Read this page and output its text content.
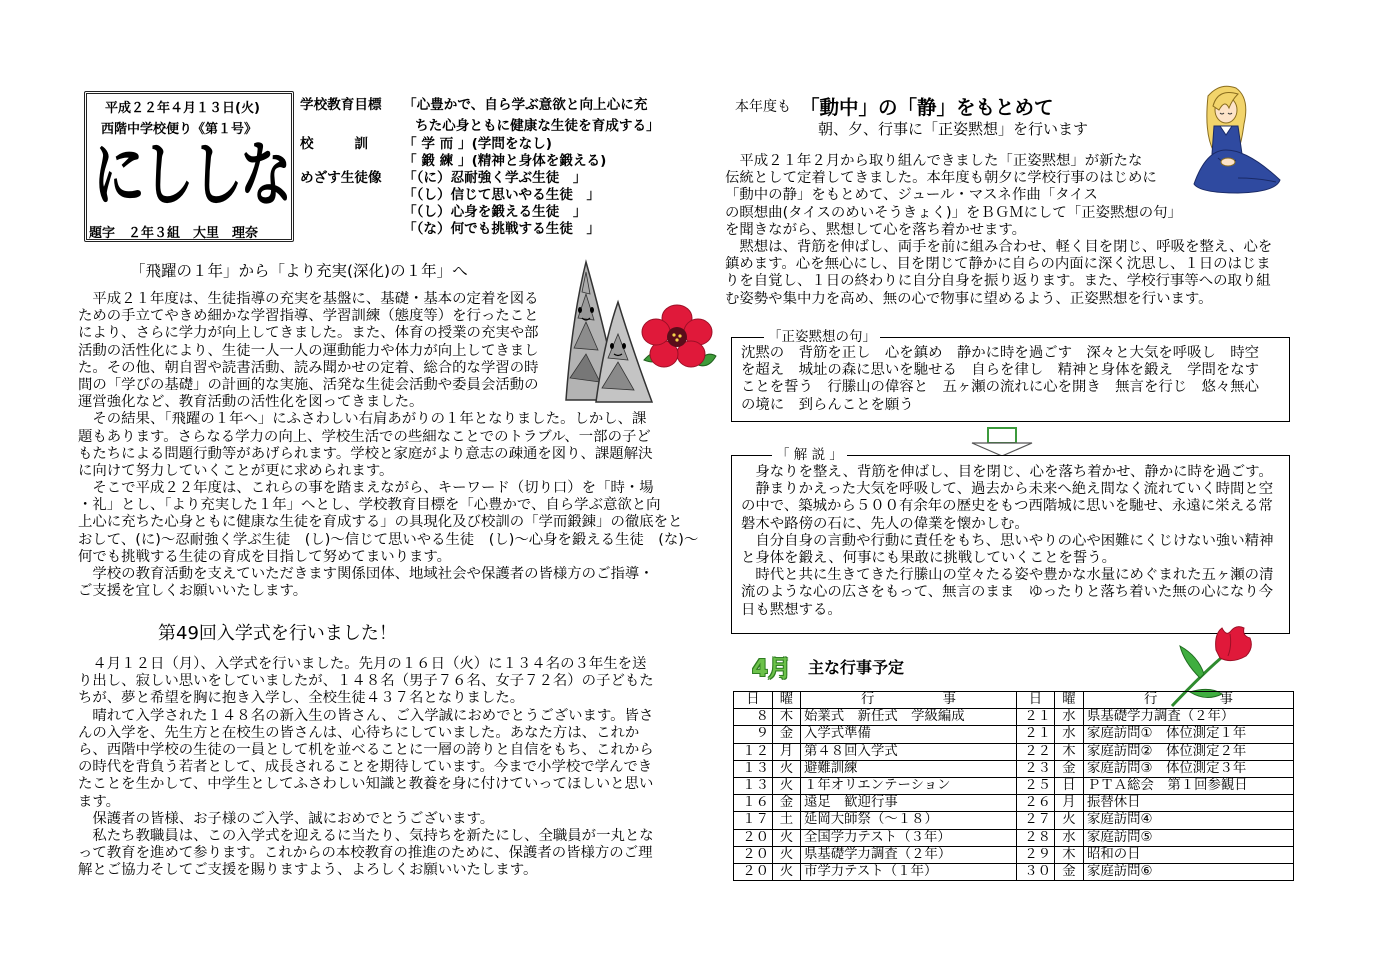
平成２２年４月１３日(火)
西階中学校便り《第１号》
にししな
題字　２年３組　大里　理奈
学校教育目標 「心豊かで、自ら学ぶ意欲と向上心に充
ちた心身ともに健康な生徒を育成する」
校　　　訓	「 学 而 」(学問をなし)
「 鍛 練 」(精神と身体を鍛える)
めざす生徒像 「（に）忍耐強く学ぶ生徒　」
「（し）信じて思いやる生徒　」
「（し）心身を鍛える生徒　」
「（な）何でも挑戦する生徒　」
「飛躍の１年」から「より充実(深化)の１年」へ
　平成２１年度は、生徒指導の充実を基盤に、基礎・基本の定着を図る
ための手立てやきめ細かな学習指導、学習訓練（態度等）を行ったこと
により、さらに学力が向上してきました。また、体育の授業の充実や部
活動の活性化により、生徒一人一人の運動能力や体力が向上してきまし
た。その他、朝自習や読書活動、読み聞かせの定着、総合的な学習の時
間の「学びの基礎」の計画的な実施、活発な生徒会活動や委員会活動の
運営強化など、教育活動の活性化を図ってきました。
　その結果、「飛躍の１年へ」にふさわしい右肩あがりの１年となりました。しかし、課
題もあります。さらなる学力の向上、学校生活での些細なことでのトラブル、一部の子ど
もたちによる問題行動等があげられます。学校と家庭がより意志の疎通を図り、課題解決
に向けて努力していくことが更に求められます。
　そこで平成２２年度は、これらの事を踏まえながら、キーワード（切り口）を「時・場
・礼」とし、「より充実した１年」へとし、学校教育目標を「心豊かで、自ら学ぶ意欲と向
上心に充ちた心身ともに健康な生徒を育成する」の具現化及び校訓の「学而鍛錬」の徹底をと
おして、(に)～忍耐強く学ぶ生徒　(し)～信じて思いやる生徒　(し)～心身を鍛える生徒　(な)～
何でも挑戦する生徒の育成を目指して努めてまいります。
　学校の教育活動を支えていただきます関係団体、地域社会や保護者の皆様方のご指導・
ご支援を宜しくお願いいたします。
第49回入学式を行いました！
　４月１２日（月）、入学式を行いました。先月の１６日（火）に１３４名の３年生を送
り出し、寂しい思いをしていましたが、１４８名（男子７６名、女子７２名）の子どもた
ちが、夢と希望を胸に抱き入学し、全校生徒４３７名となりました。
　晴れて入学された１４８名の新入生の皆さん、ご入学誠におめでとうございます。皆さ
んの入学を、先生方と在校生の皆さんは、心待ちにしていました。あなた方は、これか
ら、西階中学校の生徒の一員として机を並べることに一層の誇りと自信をもち、これから
の時代を背負う若者として、成長されることを期待しています。今まで小学校で学んでき
たことを生かして、中学生としてふさわしい知識と教養を身に付けていってほしいと思い
ます。
　保護者の皆様、お子様のご入学、誠におめでとうございます。
　私たち教職員は、この入学式を迎えるに当たり、気持ちを新たにし、全職員が一丸とな
って教育を進めて参ります。これからの本校教育の推進のために、保護者の皆様方のご理
解とご協力そしてご支援を賜りますよう、よろしくお願いいたします。
本年度も 「動中」の「静」をもとめて
朝、夕、行事に「正姿黙想」を行います
　平成２１年２月から取り組んできました「正姿黙想」が新たな
伝統として定着してきました。本年度も朝夕に学校行事のはじめに
「動中の静」をもとめて、ジュール・マスネ作曲「タイス
の瞑想曲(タイスのめいそうきょく)」をＢＧＭにして「正姿黙想の句」
を聞きながら、黙想して心を落ち着かせます。
　黙想は、背筋を伸ばし、両手を前に組み合わせ、軽く目を閉じ、呼吸を整え、心を
鎮めます。心を無心にし、目を閉じて静かに自らの内面に深く沈思し、１日のはじま
りを自覚し、１日の終わりに自分自身を振り返ります。また、学校行事等への取り組
む姿勢や集中力を高め、無の心で物事に望めるよう、正姿黙想を行います。
「正姿黙想の句」
沈黙の　背筋を正し　心を鎮め　静かに時を過ごす　深々と大気を呼吸し　時空
を超え　城址の森に思いを馳せる　自らを律し　精神と身体を鍛え　学問をなす
ことを誓う　行縢山の偉容と　五ヶ瀬の流れに心を開き　無言を行じ　悠々無心
の境に　到らんことを願う
「 解 説 」
　身なりを整え、背筋を伸ばし、目を閉じ、心を落ち着かせ、静かに時を過ごす。
　静まりかえった大気を呼吸して、過去から未来へ絶え間なく流れていく時間と空
の中で、築城から５００有余年の歴史をもつ西階城に思いを馳せ、永遠に栄える常
磐木や路傍の石に、先人の偉業を懐かしむ。
　自分自身の言動や行動に責任をもち、思いやりの心や困難にくじけない強い精神
と身体を鍛え、何事にも果敢に挑戦していくことを誓う。
　時代と共に生きてきた行縢山の堂々たる姿や豊かな水量にめぐまれた五ヶ瀬の清
流のような心の広さをもって、無言のまま　ゆったりと落ち着いた無の心になり今
日も黙想する。
4月 主な行事予定
日	曜	行事	日	曜	行事
８	木	始業式　新任式　学級編成	２１	水	県基礎学力調査（２年）
９	金	入学式準備	２１	水	家庭訪問①　体位測定１年
１２	月	第４８回入学式	２２	木	家庭訪問②　体位測定２年
１３	火	避難訓練	２３	金	家庭訪問③　体位測定３年
１３	火	１年オリエンテーション	２５	日	ＰＴＡ総会　第１回参観日
１６	金	遠足　歓迎行事	２６	月	振替休日
１７	土	延岡大師祭（～１８）	２７	火	家庭訪問④
２０	火	全国学力テスト（３年）	２８	水	家庭訪問⑤
２０	火	県基礎学力調査（２年）	２９	木	昭和の日
２０	火	市学力テスト（１年）	３０	金	家庭訪問⑥
